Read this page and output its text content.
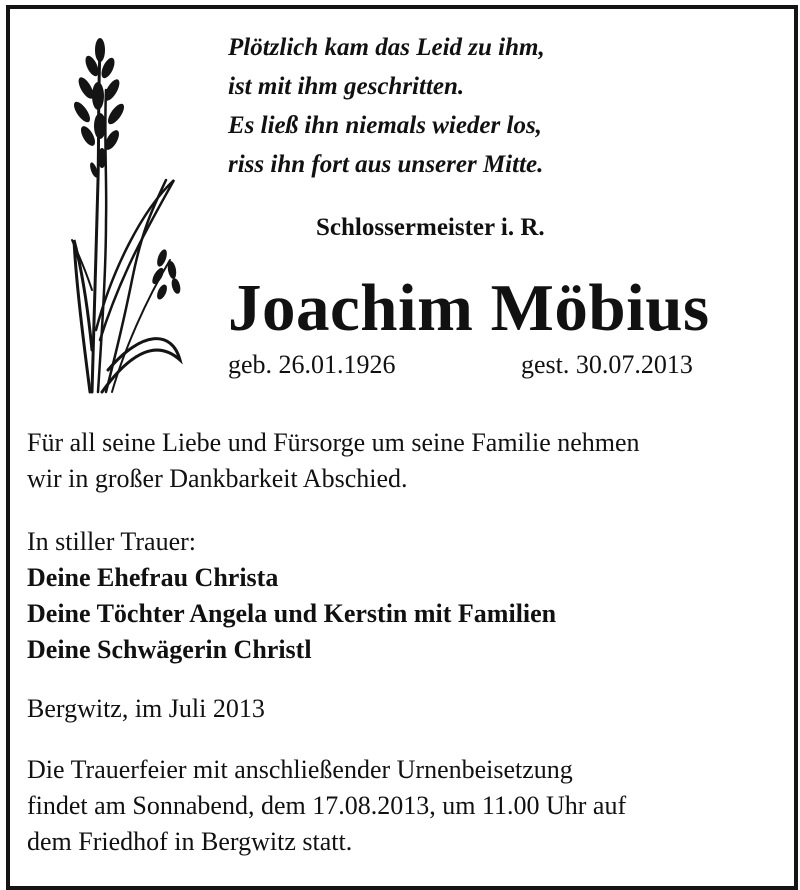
Plötzlich kam das Leid zu ihm,
ist mit ihm geschritten.
Es ließ ihn niemals wieder los,
riss ihn fort aus unserer Mitte.
Schlossermeister i. R.
Joachim Möbius
geb. 26.01.1926	gest. 30.07.2013
Für all seine Liebe und Fürsorge um seine Familie nehmen
wir in großer Dankbarkeit Abschied.
In stiller Trauer:
Deine Ehefrau Christa
Deine Töchter Angela und Kerstin mit Familien
Deine Schwägerin Christl
Bergwitz, im Juli 2013
Die Trauerfeier mit anschließender Urnenbeisetzung
findet am Sonnabend, dem 17.08.2013, um 11.00 Uhr auf
dem Friedhof in Bergwitz statt.
